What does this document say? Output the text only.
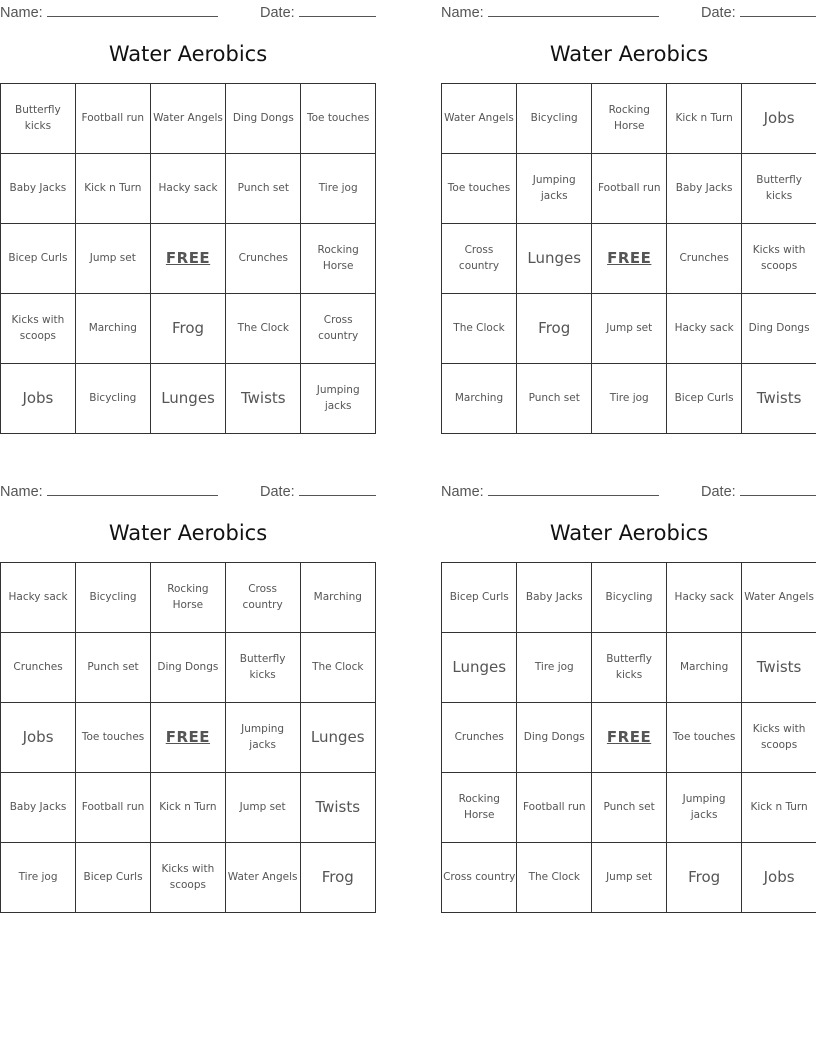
Name:	Date:
Water Aerobics
Butterfly kicks	Football run	Water Angels	Ding Dongs	Toe touches
Baby Jacks	Kick n Turn	Hacky sack	Punch set	Tire jog
Bicep Curls	Jump set	FREE	Crunches	Rocking Horse
Kicks with scoops	Marching	Frog	The Clock	Cross country
Jobs	Bicycling	Lunges	Twists	Jumping jacks
Name:	Date:
Water Aerobics
Water Angels	Bicycling	Rocking Horse	Kick n Turn	Jobs
Toe touches	Jumping jacks	Football run	Baby Jacks	Butterfly kicks
Cross country	Lunges	FREE	Crunches	Kicks with scoops
The Clock	Frog	Jump set	Hacky sack	Ding Dongs
Marching	Punch set	Tire jog	Bicep Curls	Twists
Name:	Date:
Water Aerobics
Hacky sack	Bicycling	Rocking Horse	Cross country	Marching
Crunches	Punch set	Ding Dongs	Butterfly kicks	The Clock
Jobs	Toe touches	FREE	Jumping jacks	Lunges
Baby Jacks	Football run	Kick n Turn	Jump set	Twists
Tire jog	Bicep Curls	Kicks with scoops	Water Angels	Frog
Name:	Date:
Water Aerobics
Bicep Curls	Baby Jacks	Bicycling	Hacky sack	Water Angels
Lunges	Tire jog	Butterfly kicks	Marching	Twists
Crunches	Ding Dongs	FREE	Toe touches	Kicks with scoops
Rocking Horse	Football run	Punch set	Jumping jacks	Kick n Turn
Cross country	The Clock	Jump set	Frog	Jobs
